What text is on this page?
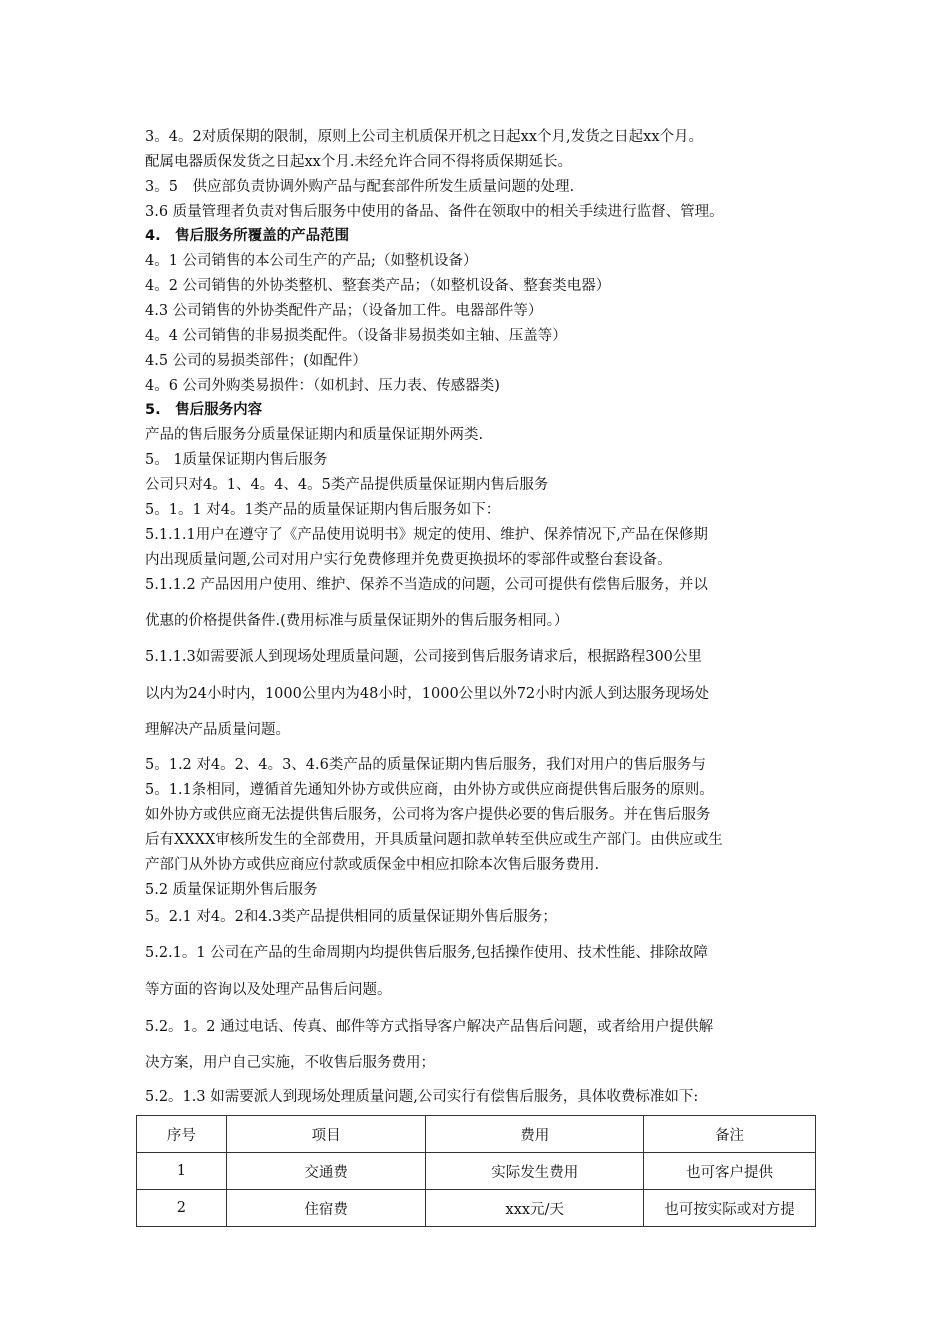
3。4。2对质保期的限制，原则上公司主机质保开机之日起xx个月,发货之日起xx个月。
配属电器质保发货之日起xx个月.未经允许合同不得将质保期延长。
3。5　供应部负责协调外购产品与配套部件所发生质量问题的处理.
3.6 质量管理者负责对售后服务中使用的备品、备件在领取中的相关手续进行监督、管理。
4.　售后服务所覆盖的产品范围
4。1 公司销售的本公司生产的产品;（如整机设备）
4。2 公司销售的外协类整机、整套类产品；（如整机设备、整套类电器）
4.3 公司销售的外协类配件产品；（设备加工件。电器部件等）
4。4 公司销售的非易损类配件。（设备非易损类如主轴、压盖等）
4.5 公司的易损类部件；(如配件）
4。6 公司外购类易损件：（如机封、压力表、传感器类)
5.　售后服务内容
产品的售后服务分质量保证期内和质量保证期外两类.
5。 1质量保证期内售后服务
公司只对4。1、4。4、4。5类产品提供质量保证期内售后服务
5。1。1 对4。1类产品的质量保证期内售后服务如下：
5.1.1.1用户在遵守了《产品使用说明书》规定的使用、维护、保养情况下,产品在保修期
内出现质量问题,公司对用户实行免费修理并免费更换损坏的零部件或整台套设备。
5.1.1.2 产品因用户使用、维护、保养不当造成的问题，公司可提供有偿售后服务，并以
优惠的价格提供备件.(费用标准与质量保证期外的售后服务相同。）
5.1.1.3如需要派人到现场处理质量问题，公司接到售后服务请求后，根据路程300公里
以内为24小时内，1000公里内为48小时，1000公里以外72小时内派人到达服务现场处
理解决产品质量问题。
5。1.2 对4。2、4。3、4.6类产品的质量保证期内售后服务，我们对用户的售后服务与
5。1.1条相同，遵循首先通知外协方或供应商，由外协方或供应商提供售后服务的原则。
如外协方或供应商无法提供售后服务，公司将为客户提供必要的售后服务。并在售后服务
后有XXXX审核所发生的全部费用，开具质量问题扣款单转至供应或生产部门。由供应或生
产部门从外协方或供应商应付款或质保金中相应扣除本次售后服务费用.
5.2 质量保证期外售后服务
5。2.1 对4。2和4.3类产品提供相同的质量保证期外售后服务；
5.2.1。1 公司在产品的生命周期内均提供售后服务,包括操作使用、技术性能、排除故障
等方面的咨询以及处理产品售后问题。
5.2。1。2 通过电话、传真、邮件等方式指导客户解决产品售后问题，或者给用户提供解
决方案，用户自己实施，不收售后服务费用；
5.2。1.3 如需要派人到现场处理质量问题,公司实行有偿售后服务，具体收费标准如下:
序号	项目	费用	备注
1	交通费	实际发生费用	也可客户提供
2	住宿费	xxx元/天	也可按实际或对方提
